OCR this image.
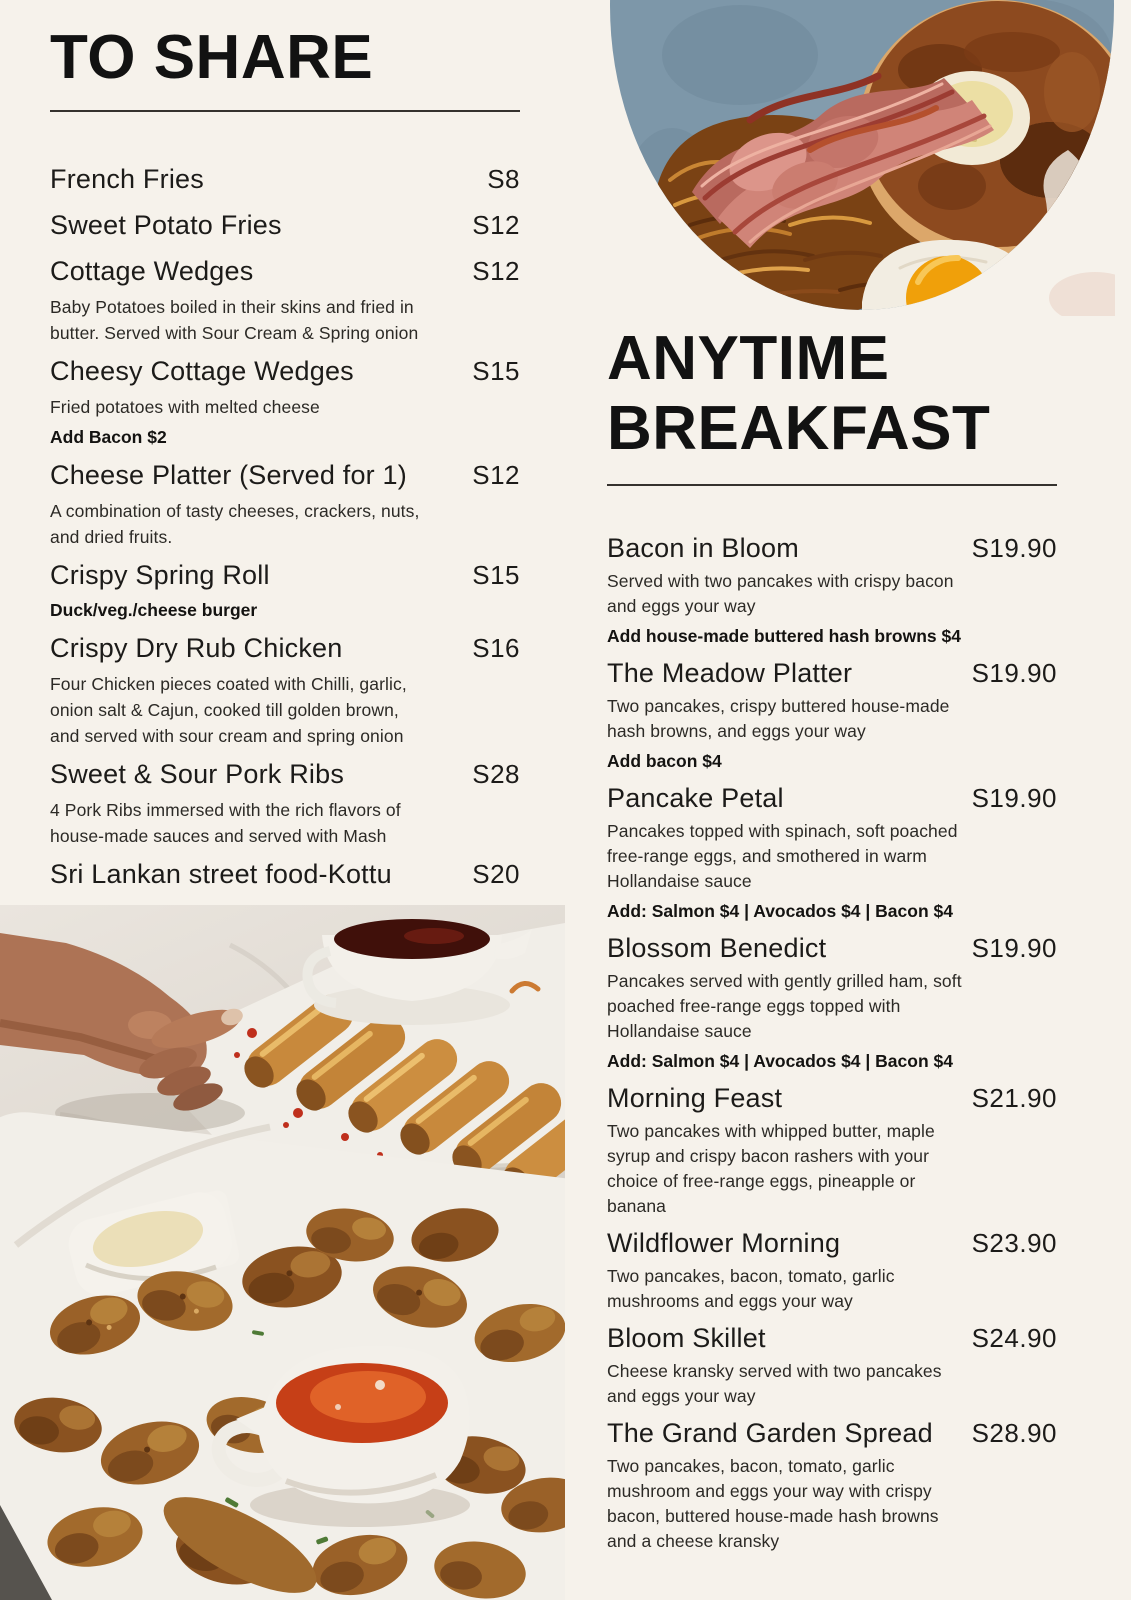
TO SHARE
French Fries	S8
Sweet Potato Fries	S12
Cottage Wedges	S12

Baby Potatoes boiled in their skins and fried in butter. Served with Sour Cream & Spring onion

Cheesy Cottage Wedges	S15

Fried potatoes with melted cheese

Add Bacon $2

Cheese Platter (Served for 1)	S12

A combination of tasty cheeses, crackers, nuts, and dried fruits.

Crispy Spring Roll	S15

Duck/veg./cheese burger

Crispy Dry Rub Chicken	S16

Four Chicken pieces coated with Chilli, garlic, onion salt & Cajun, cooked till golden brown, and served with sour cream and spring onion

Sweet & Sour Pork Ribs	S28

4 Pork Ribs immersed with the rich flavors of house-made sauces and served with Mash

Sri Lankan street food-Kottu	S20
ANYTIME
BREAKFAST
Bacon in Bloom	S19.90

Served with two pancakes with crispy bacon and eggs your way

Add house-made buttered hash browns $4

The Meadow Platter	S19.90

Two pancakes, crispy buttered house-made hash browns, and eggs your way

Add bacon $4

Pancake Petal	S19.90

Pancakes topped with spinach, soft poached free-range eggs, and smothered in warm Hollandaise sauce

Add: Salmon $4 | Avocados $4 | Bacon $4

Blossom Benedict	S19.90

Pancakes served with gently grilled ham, soft poached free-range eggs topped with Hollandaise sauce

Add: Salmon $4 | Avocados $4 | Bacon $4

Morning Feast	S21.90

Two pancakes with whipped butter, maple syrup and crispy bacon rashers with your choice of free-range eggs, pineapple or banana

Wildflower Morning	S23.90

Two pancakes, bacon, tomato, garlic mushrooms and eggs your way

Bloom Skillet	S24.90

Cheese kransky served with two pancakes and eggs your way

The Grand Garden Spread S28.90

Two pancakes, bacon, tomato, garlic mushroom and eggs your way with crispy bacon, buttered house-made hash browns and a cheese kransky
